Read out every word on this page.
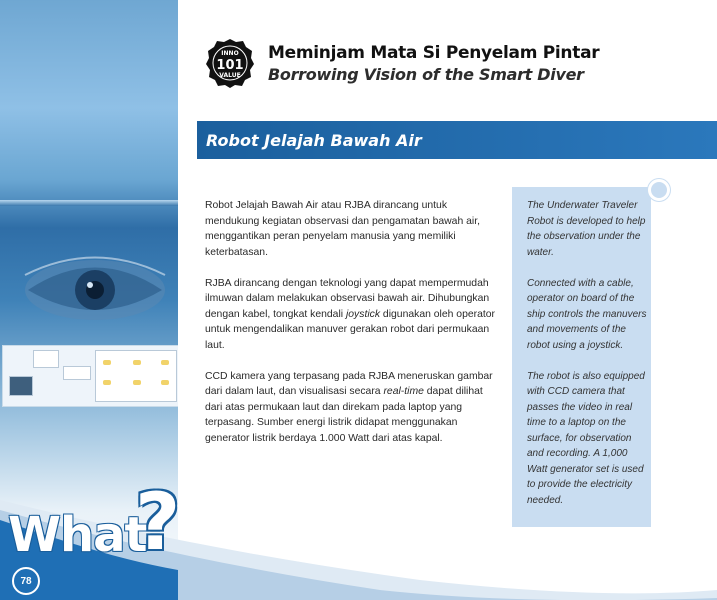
What
?
78
INNO
101
VALUE
Meminjam Mata Si Penyelam Pintar
Borrowing Vision of the Smart Diver
Robot Jelajah Bawah Air

Robot Jelajah Bawah Air atau RJBA dirancang untuk mendukung kegiatan observasi dan pengamatan bawah air, menggantikan peran penyelam manusia yang memiliki keterbatasan.

RJBA dirancang dengan teknologi yang dapat mempermudah ilmuwan dalam melakukan observasi bawah air. Dihubungkan dengan kabel, tongkat kendali joystick digunakan oleh operator untuk mengendalikan manuver gerakan robot dari permukaan laut.

CCD kamera yang terpasang pada RJBA meneruskan gambar dari dalam laut, dan visualisasi secara real-time dapat dilihat dari atas permukaan laut dan direkam pada laptop yang terpasang. Sumber energi listrik didapat menggunakan generator listrik berdaya 1.000 Watt dari atas kapal.

The Underwater Traveler Robot is developed to help the observation under the water.

Connected with a cable, operator on board of the ship controls the manuvers and movements of the robot using a joystick.

The robot is also equipped with CCD camera that passes the video in real time to a laptop on the surface, for observation and recording. A 1,000 Watt generator set is used to provide the electricity needed.
